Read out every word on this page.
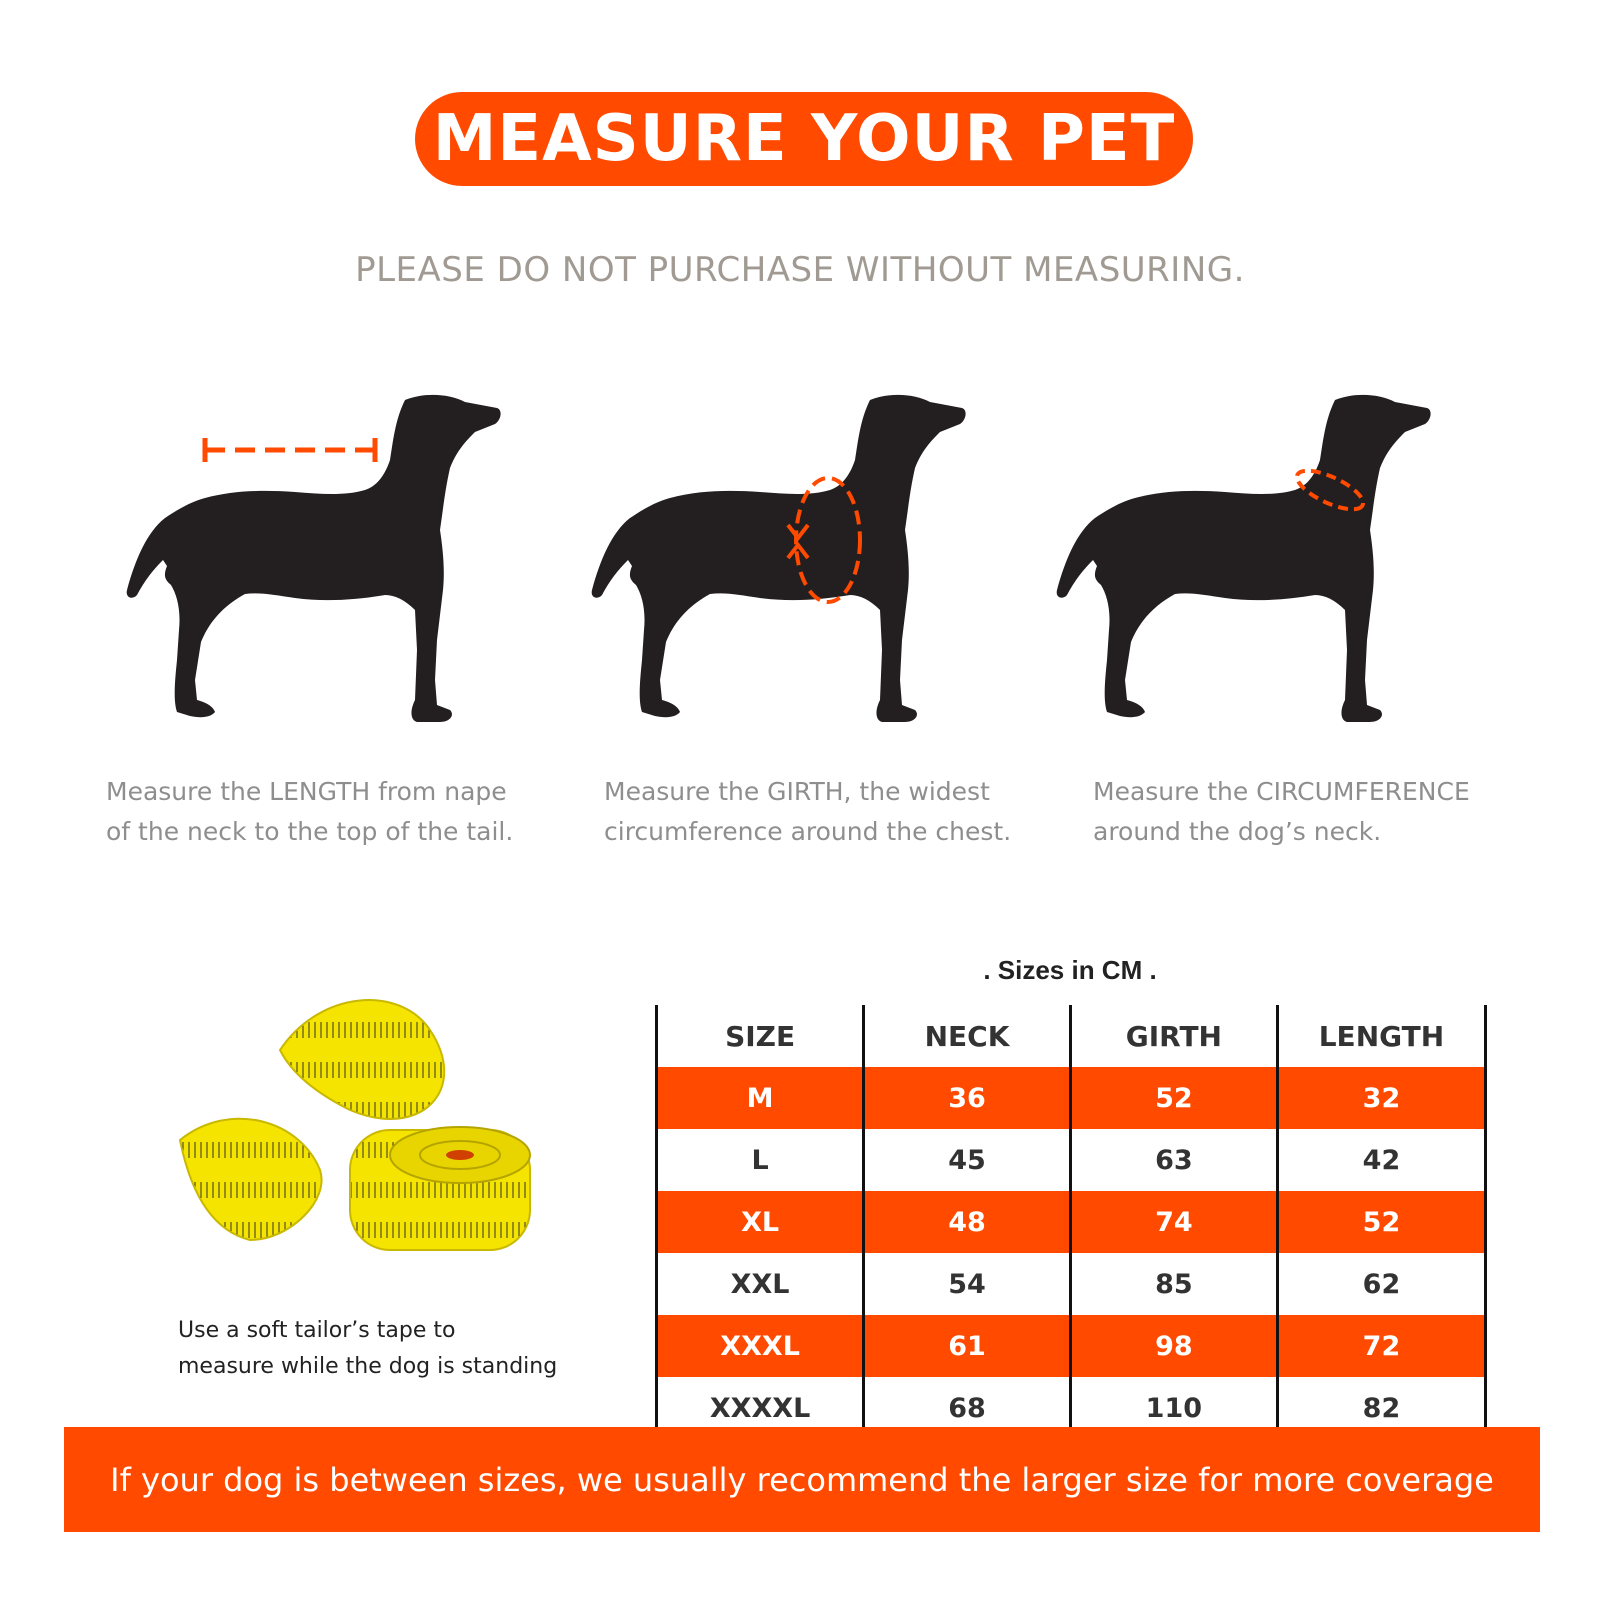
MEASURE YOUR PET
PLEASE DO NOT PURCHASE WITHOUT MEASURING.
Measure the LENGTH from nape
of the neck to the top of the tail.
Measure the GIRTH, the widest
circumference around the chest.
Measure the CIRCUMFERENCE
around the dog’s neck.
Use a soft tailor’s tape to
measure while the dog is standing
. Sizes in CM .
SIZE	NECK	GIRTH	LENGTH
M	36	52	32
L	45	63	42
XL	48	74	52
XXL	54	85	62
XXXL	61	98	72
XXXXL	68	110	82
If your dog is between sizes, we usually recommend the larger size for more coverage
